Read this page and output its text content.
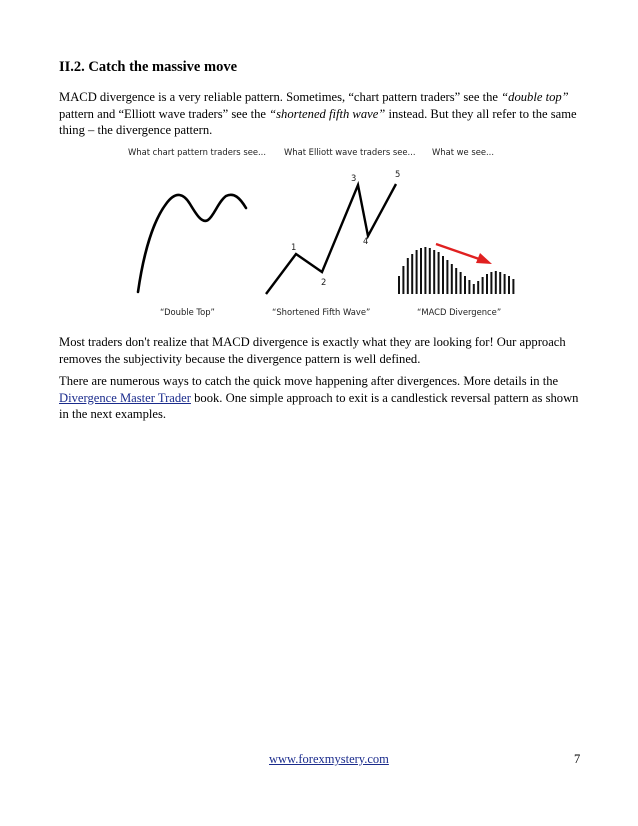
II.2. Catch the massive move
MACD divergence is a very reliable pattern. Sometimes, “chart pattern traders” see the “double top” pattern and “Elliott wave traders” see the “shortened fifth wave” instead. But they all refer to the same thing – the divergence pattern.
What chart pattern traders see... What Elliott wave traders see... What we see...
1
2
3
4
5
“Double Top”	“Shortened Fifth Wave”	“MACD Divergence”
Most traders don't realize that MACD divergence is exactly what they are looking for! Our approach removes the subjectivity because the divergence pattern is well defined.
There are numerous ways to catch the quick move happening after divergences. More details in the Divergence Master Trader book. One simple approach to exit is a candlestick reversal pattern as shown in the next examples.
www.forexmystery.com	7
